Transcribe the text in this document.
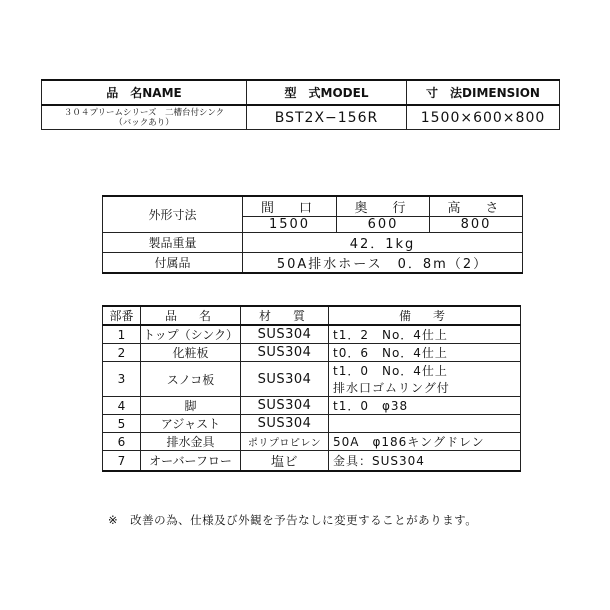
品　名NAME	型　式MODEL	寸　法DIMENSION
３０４プリームシリーズ　二槽台付シンク
（バックあり）	BST2X−156R	1500×600×800
外形寸法	間　口	奥　行	高　さ
	1500	600	800
製品重量	42．1kg		
付属品	50A排水ホース　0．8m（2）		
部番	品　名	材　質	備　考
1	トップ（シンク）	SUS304	t1．2　No．4仕上
2	化粧板	SUS304	t0．6　No．4仕上
3	スノコ板	SUS304	t1．0　No．4仕上
排水口ゴムリング付
4	脚	SUS304	t1．0　φ38
5	アジャスト	SUS304	
6	排水金具	ポリプロピレン	50A　φ186キングドレン
7	オーバーフロー	塩ビ	金具：SUS304
※　改善の為、仕様及び外観を予告なしに変更することがあります。
